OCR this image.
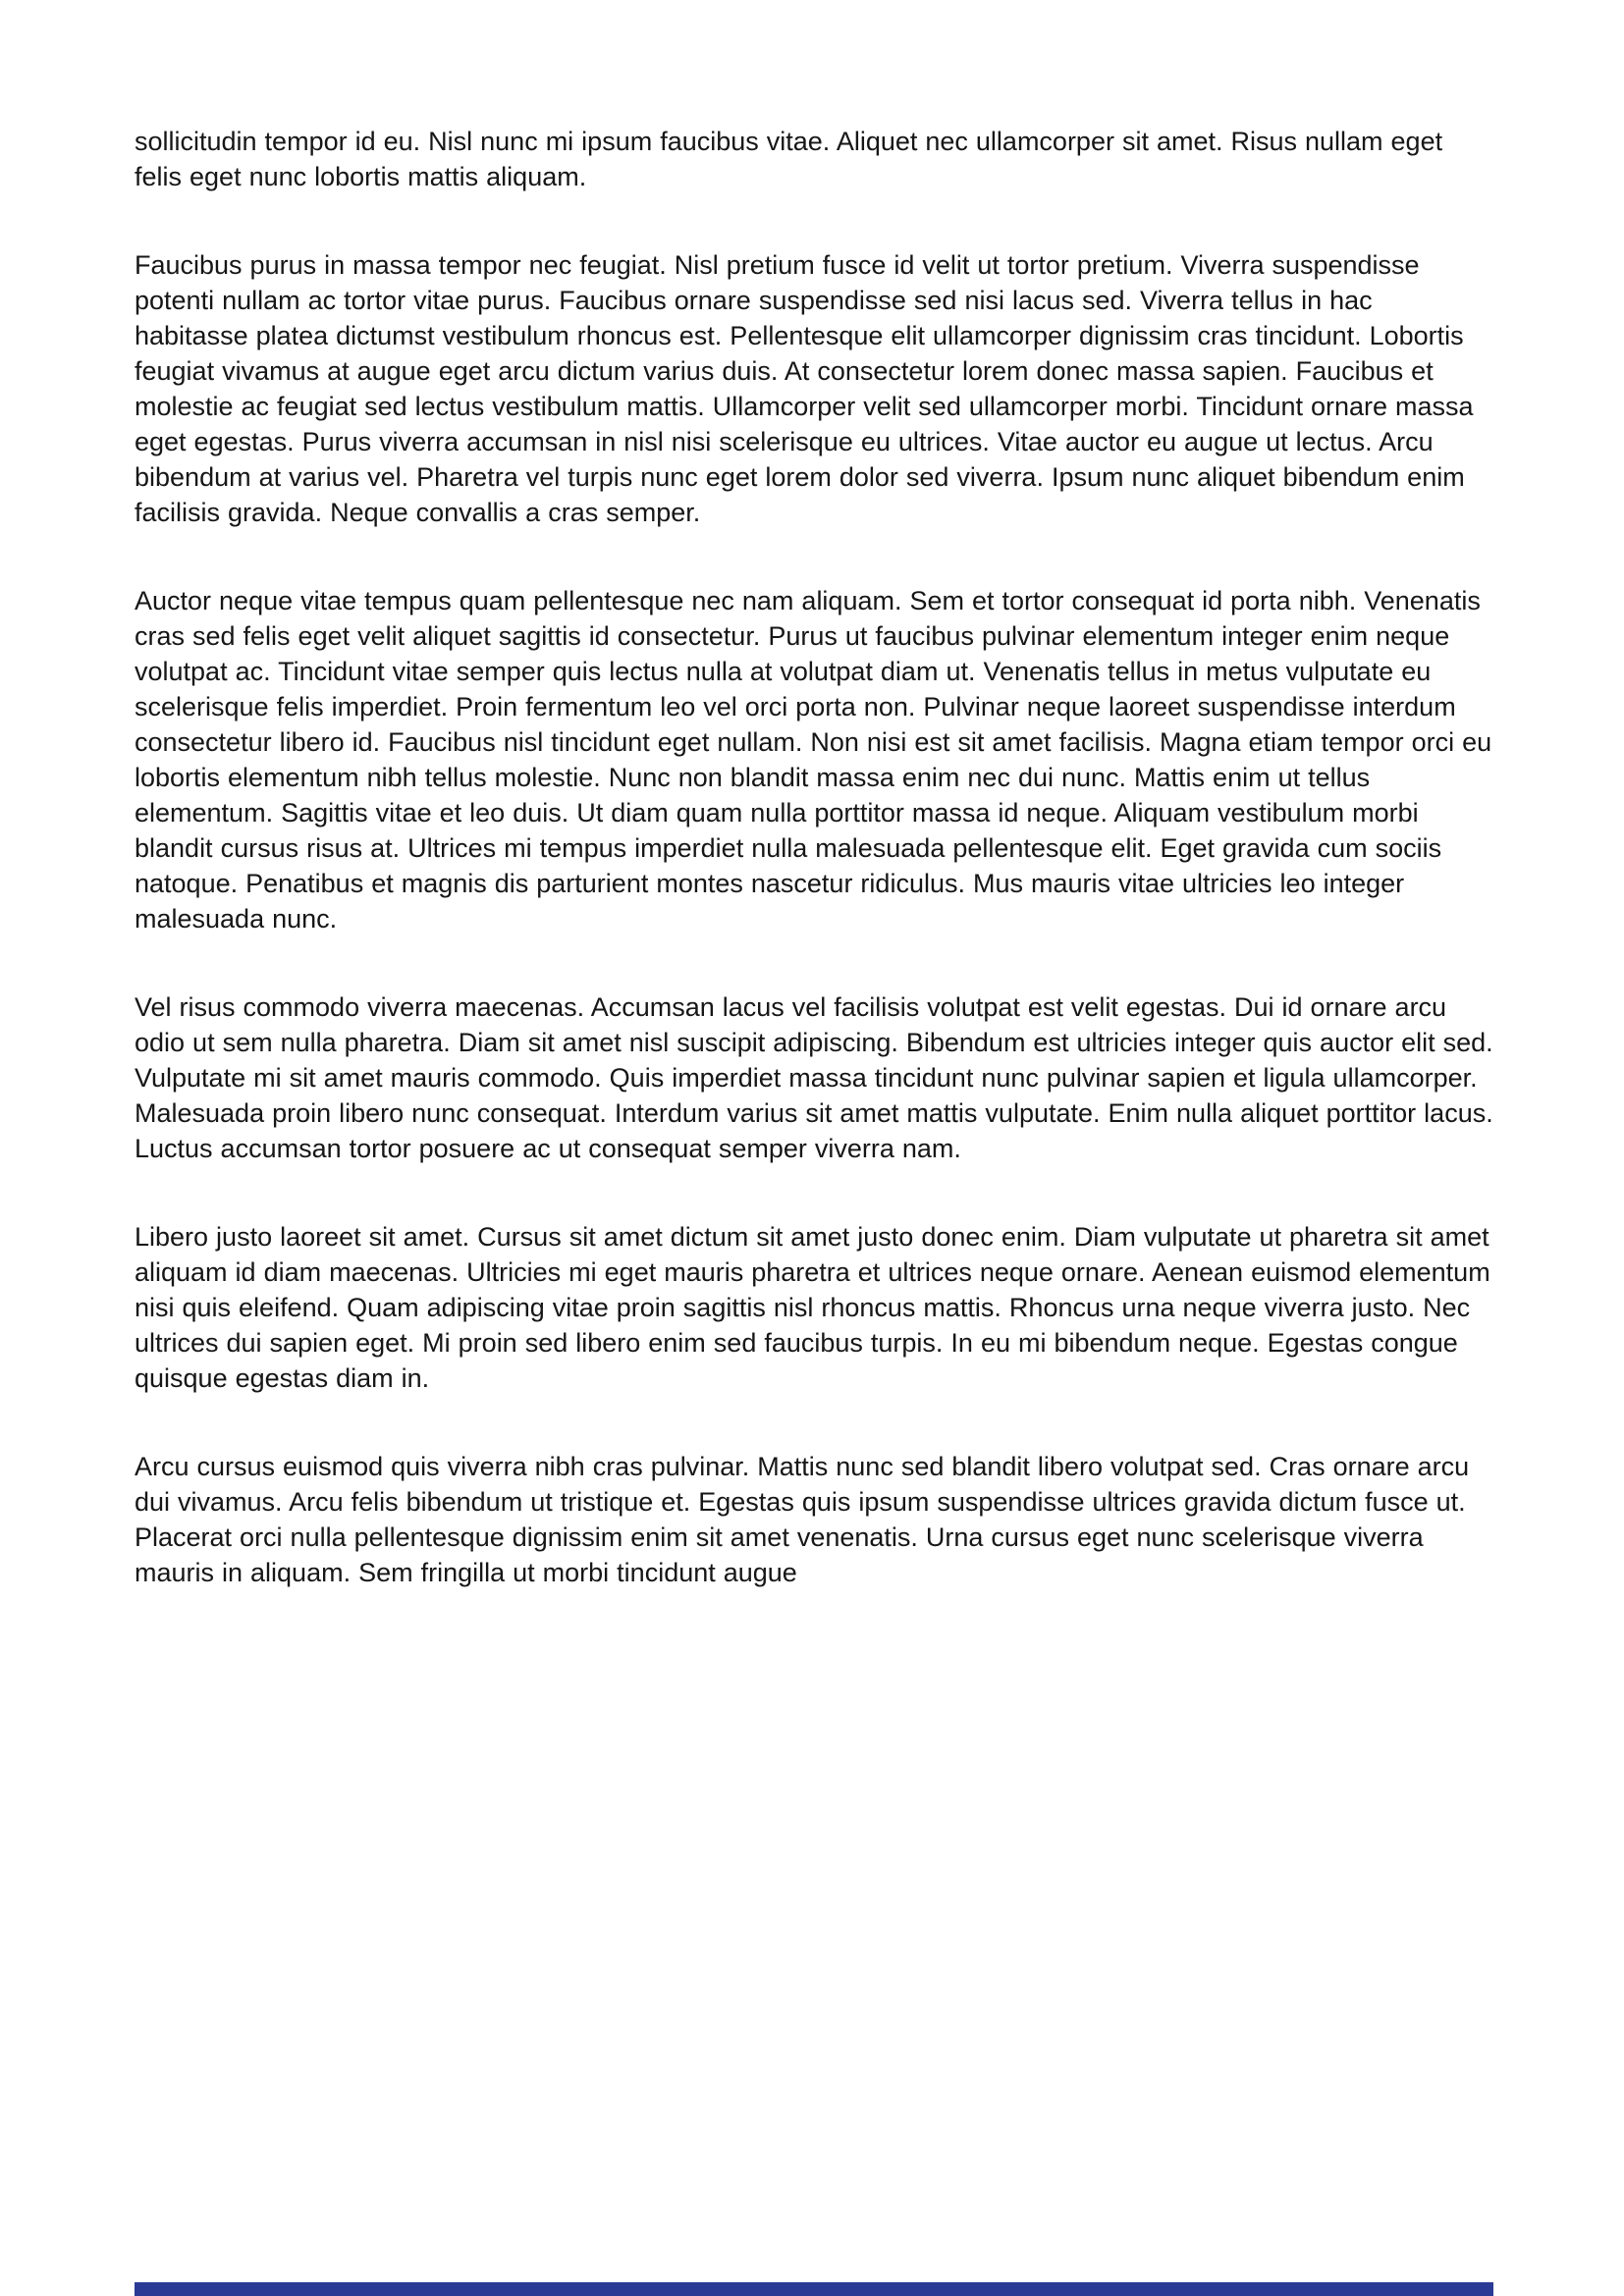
sollicitudin tempor id eu. Nisl nunc mi ipsum faucibus vitae. Aliquet nec ullamcorper sit amet. Risus nullam eget felis eget nunc lobortis mattis aliquam.

Faucibus purus in massa tempor nec feugiat. Nisl pretium fusce id velit ut tortor pretium. Viverra suspendisse potenti nullam ac tortor vitae purus. Faucibus ornare suspendisse sed nisi lacus sed. Viverra tellus in hac habitasse platea dictumst vestibulum rhoncus est. Pellentesque elit ullamcorper dignissim cras tincidunt. Lobortis feugiat vivamus at augue eget arcu dictum varius duis. At consectetur lorem donec massa sapien. Faucibus et molestie ac feugiat sed lectus vestibulum mattis. Ullamcorper velit sed ullamcorper morbi. Tincidunt ornare massa eget egestas. Purus viverra accumsan in nisl nisi scelerisque eu ultrices. Vitae auctor eu augue ut lectus. Arcu bibendum at varius vel. Pharetra vel turpis nunc eget lorem dolor sed viverra. Ipsum nunc aliquet bibendum enim facilisis gravida. Neque convallis a cras semper.

Auctor neque vitae tempus quam pellentesque nec nam aliquam. Sem et tortor consequat id porta nibh. Venenatis cras sed felis eget velit aliquet sagittis id consectetur. Purus ut faucibus pulvinar elementum integer enim neque volutpat ac. Tincidunt vitae semper quis lectus nulla at volutpat diam ut. Venenatis tellus in metus vulputate eu scelerisque felis imperdiet. Proin fermentum leo vel orci porta non. Pulvinar neque laoreet suspendisse interdum consectetur libero id. Faucibus nisl tincidunt eget nullam. Non nisi est sit amet facilisis. Magna etiam tempor orci eu lobortis elementum nibh tellus molestie. Nunc non blandit massa enim nec dui nunc. Mattis enim ut tellus elementum. Sagittis vitae et leo duis. Ut diam quam nulla porttitor massa id neque. Aliquam vestibulum morbi blandit cursus risus at. Ultrices mi tempus imperdiet nulla malesuada pellentesque elit. Eget gravida cum sociis natoque. Penatibus et magnis dis parturient montes nascetur ridiculus. Mus mauris vitae ultricies leo integer malesuada nunc.

Vel risus commodo viverra maecenas. Accumsan lacus vel facilisis volutpat est velit egestas. Dui id ornare arcu odio ut sem nulla pharetra. Diam sit amet nisl suscipit adipiscing. Bibendum est ultricies integer quis auctor elit sed. Vulputate mi sit amet mauris commodo. Quis imperdiet massa tincidunt nunc pulvinar sapien et ligula ullamcorper. Malesuada proin libero nunc consequat. Interdum varius sit amet mattis vulputate. Enim nulla aliquet porttitor lacus. Luctus accumsan tortor posuere ac ut consequat semper viverra nam.

Libero justo laoreet sit amet. Cursus sit amet dictum sit amet justo donec enim. Diam vulputate ut pharetra sit amet aliquam id diam maecenas. Ultricies mi eget mauris pharetra et ultrices neque ornare. Aenean euismod elementum nisi quis eleifend. Quam adipiscing vitae proin sagittis nisl rhoncus mattis. Rhoncus urna neque viverra justo. Nec ultrices dui sapien eget. Mi proin sed libero enim sed faucibus turpis. In eu mi bibendum neque. Egestas congue quisque egestas diam in.

Arcu cursus euismod quis viverra nibh cras pulvinar. Mattis nunc sed blandit libero volutpat sed. Cras ornare arcu dui vivamus. Arcu felis bibendum ut tristique et. Egestas quis ipsum suspendisse ultrices gravida dictum fusce ut. Placerat orci nulla pellentesque dignissim enim sit amet venenatis. Urna cursus eget nunc scelerisque viverra mauris in aliquam. Sem fringilla ut morbi tincidunt augue
